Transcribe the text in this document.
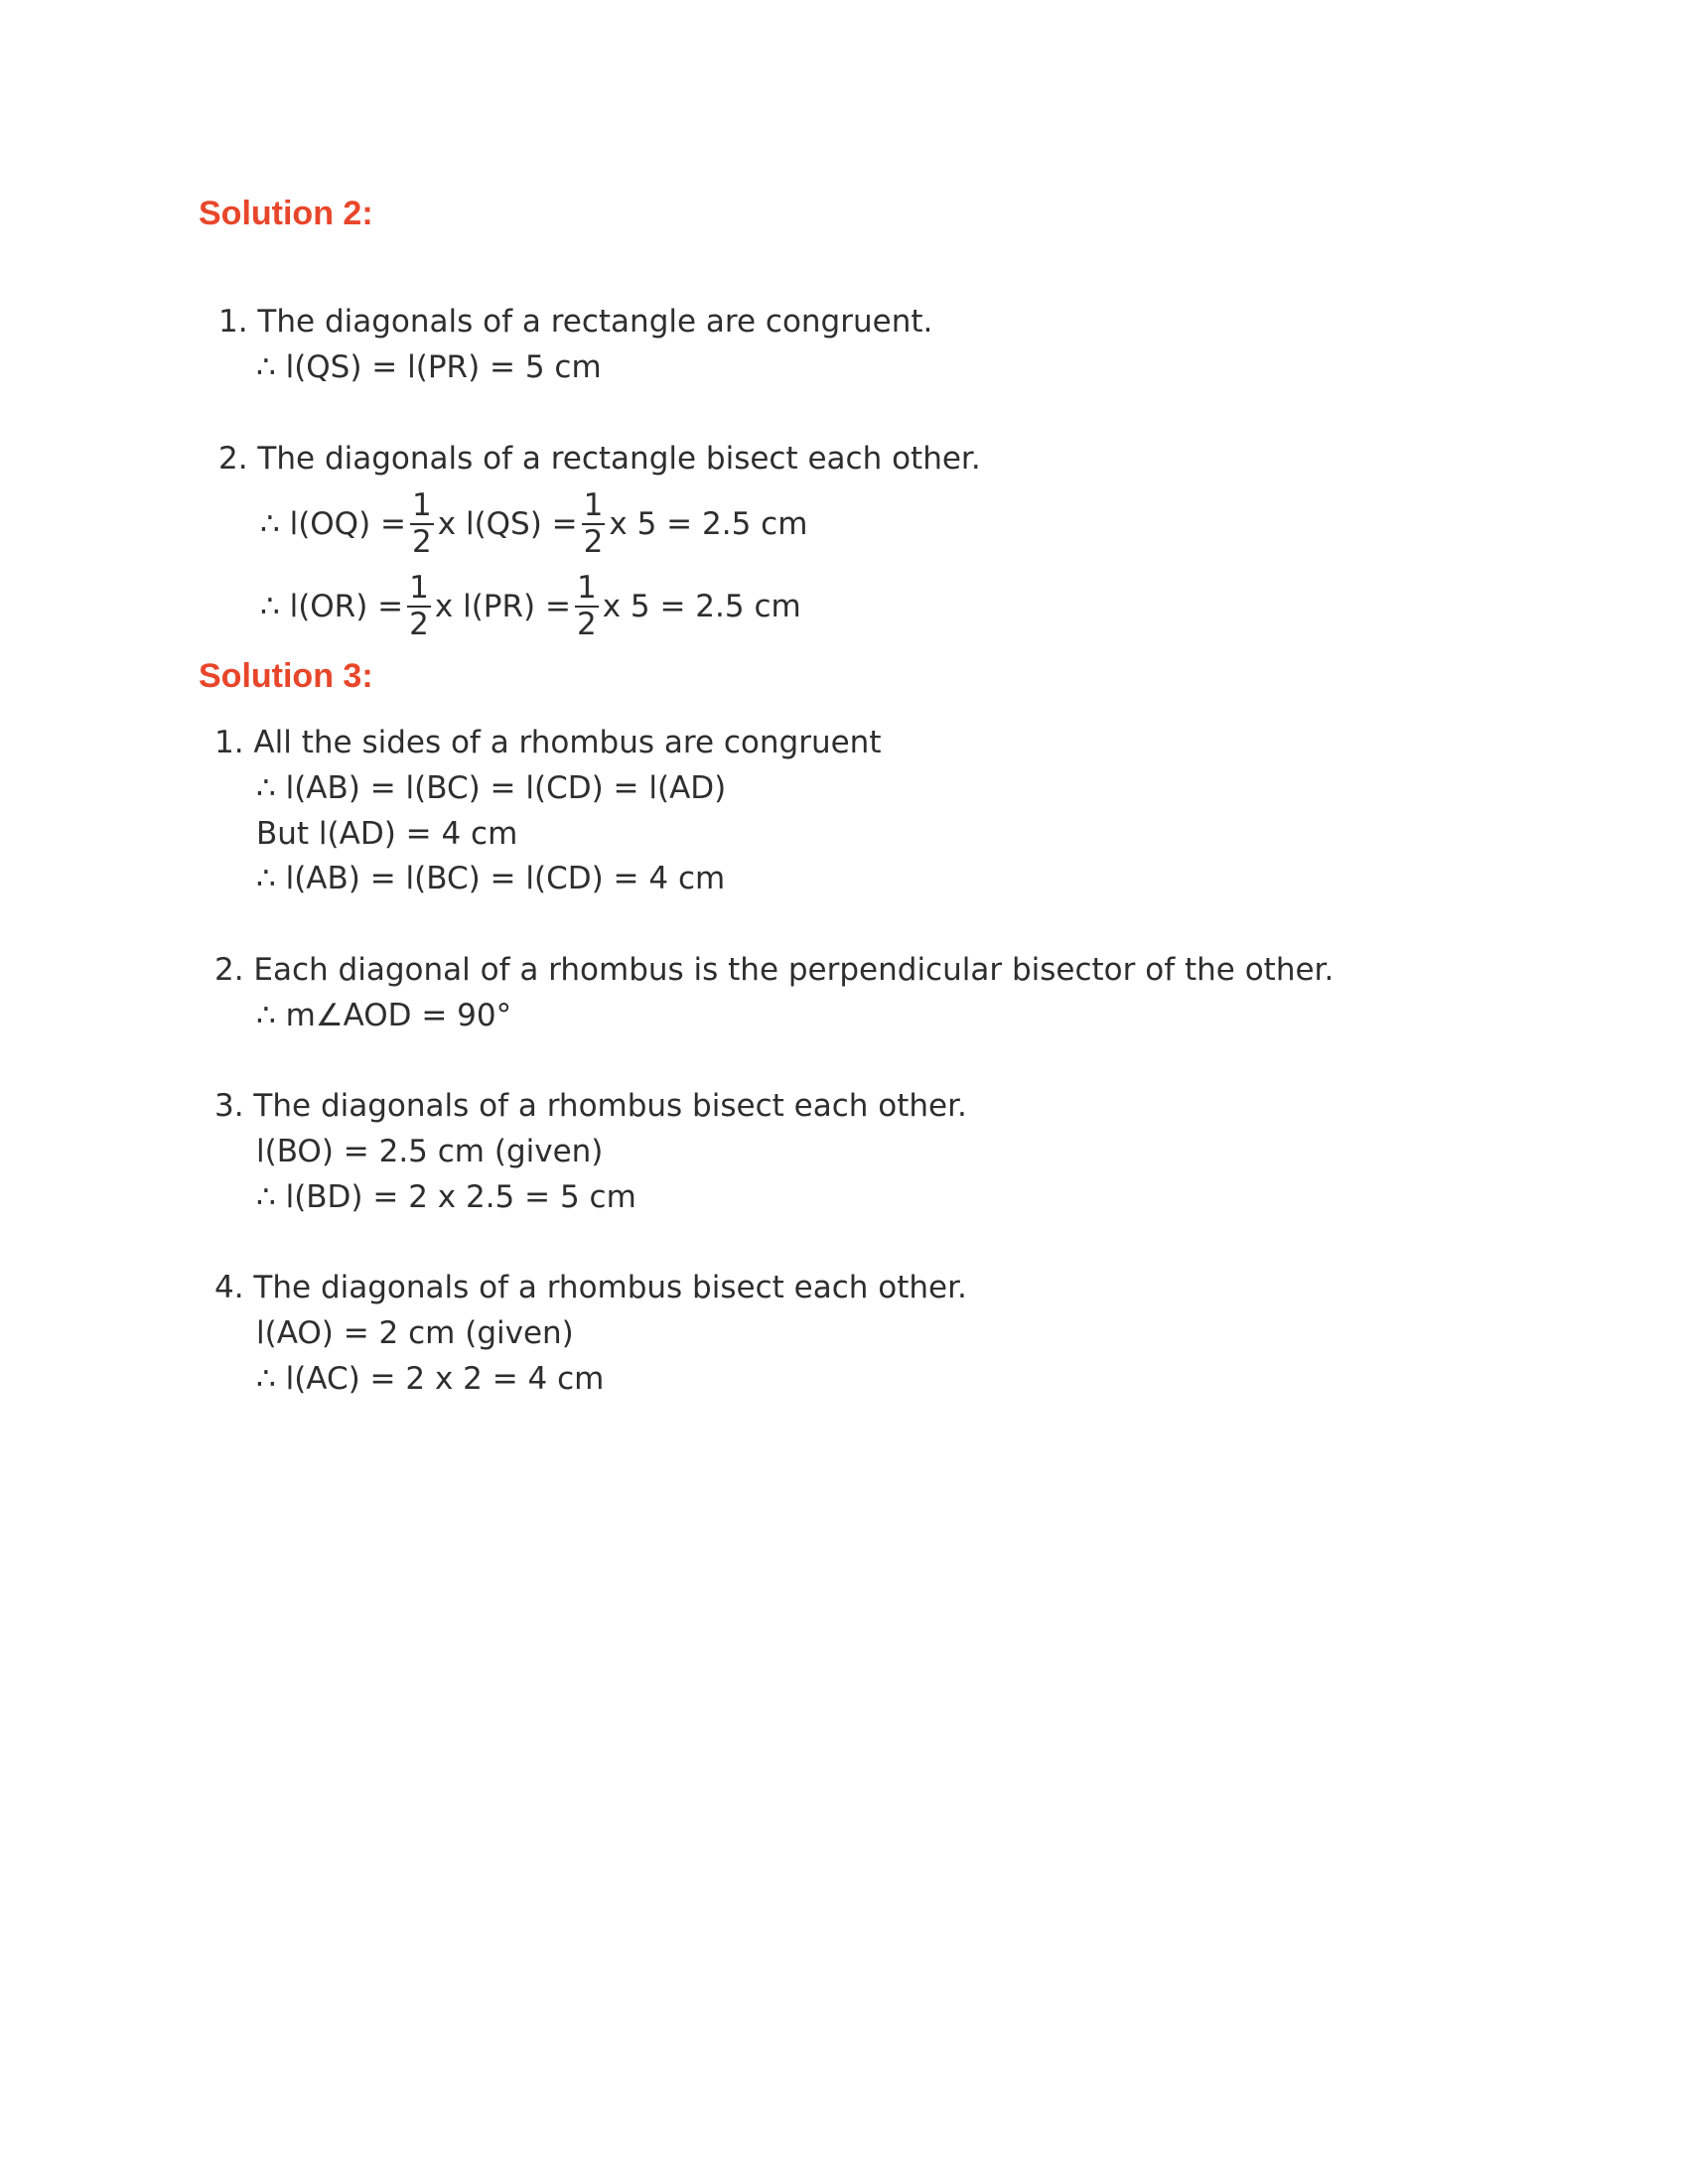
Solution 2:
1. The diagonals of a rectangle are congruent.
∴ l(QS) = l(PR) = 5 cm
2. The diagonals of a rectangle bisect each other.
∴ $l(OQ) = \frac{1}{2}$ x $l(QS) = \frac{1}{2}$ x 5 = 2.5 cm
∴ $l(OR) = \frac{1}{2}$ x $l(PR) = \frac{1}{2}$ x 5 = 2.5 cm
Solution 3:
1. All the sides of a rhombus are congruent
∴ l(AB) = l(BC) = l(CD) = l(AD)
But l(AD) = 4 cm
∴ l(AB) = l(BC) = l(CD) = 4 cm
2. Each diagonal of a rhombus is the perpendicular bisector of the other.
∴ m∠AOD = 90°
3. The diagonals of a rhombus bisect each other.
l(BO) = 2.5 cm (given)
∴ l(BD) = 2 x 2.5 = 5 cm
4. The diagonals of a rhombus bisect each other.
l(AO) = 2 cm (given)
∴ l(AC) = 2 x 2 = 4 cm
